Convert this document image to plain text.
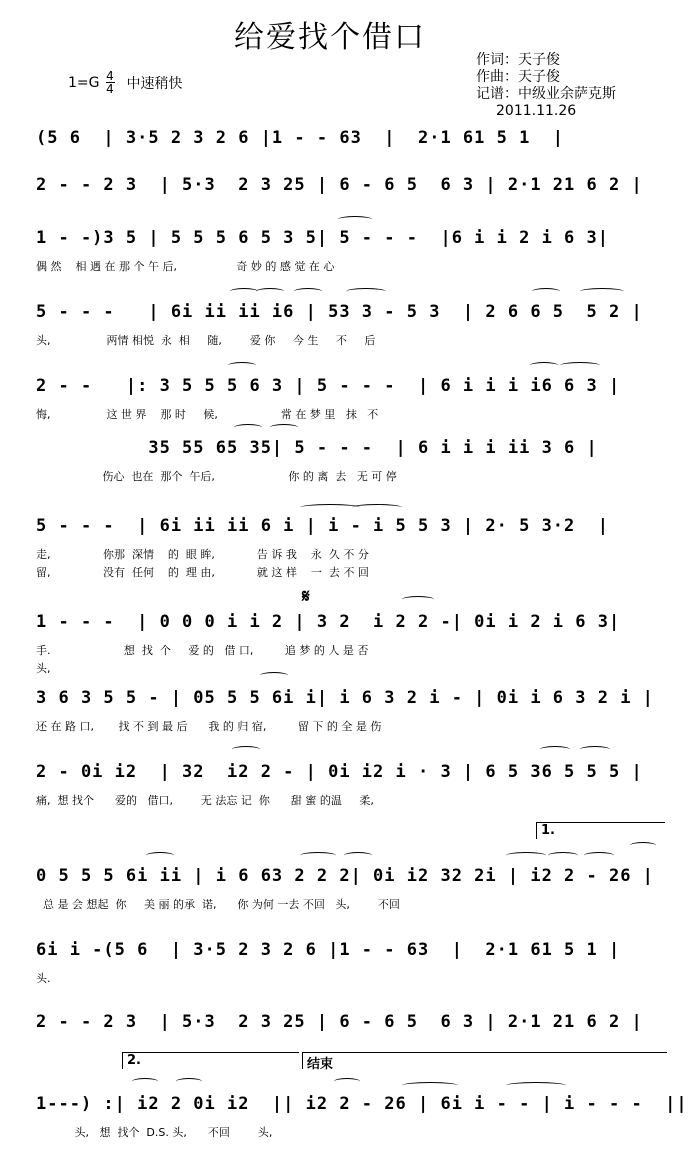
给爱找个借口
作词：天子俊
作曲：天子俊
记谱：中级业余萨克斯
2011.11.26
$1=G \frac{4}{4}$ 中速稍快
(5 6  | 3·5 2 3 2 6 |1 - - 63  |  2·1 61 5 1  |
2 - - 2 3  | 5·3  2 3 25 | 6 - 6 5  6 3 | 2·1 21 6 2 |
1 - -)3 5 | 5 5 5 6 5 3 5| 5 - - -  |6 i i 2 i 6 3|
偶 然    相 遇 在 那 个 午 后,                 奇 妙 的 感 觉 在 心
5 - - -   | 6i ii ii i6 | 53 3 - 5 3  | 2 6 6 5  5 2 |
头,                两情 相悦  永  相     随,        爱 你     今 生     不     后
2 - -   |: 3 5 5 5 6 3 | 5 - - -  | 6 i i i i6 6 3 |
悔,                这 世 界    那 时     候,                  常 在 梦 里   抹   不
35 55 65 35| 5 - - -  | 6 i i i ii 3 6 |
伤心  也在  那个  午后,                     你 的 离  去   无 可 停
5 - - -  | 6i ii ii 6 i | i - i 5 5 3 | 2· 5 3·2  |
走,               你那  深情    的  眼 眸,            告 诉 我    永  久 不 分
留,               没有  任何    的  理 由,            就 这 样    一  去 不 回
1 - - -  | 0 0 0 i i 2 | 3 2  i 2 2 -| 0i i 2 i 6 3|
手.                     想  找  个     爱 的   借 口,         追 梦 的 人 是 否
头,
3 6 3 5 5 - | 05 5 5 6i i| i 6 3 2 i - | 0i i 6 3 2 i |
还 在 路 口,       找 不 到 最 后      我 的 归 宿,         留 下 的 全 是 伤
2 - 0i i2  | 32  i2 2 - | 0i i2 i · 3 | 6 5 36 5 5 5 |
痛,  想 找个      爱的   借口,        无 法忘 记  你      甜 蜜 的温     柔,
0 5 5 5 6i ii | i 6 63 2 2 2| 0i i2 32 2i | i2 2 - 26 |
总 是 会 想起  你     美 丽 的承  诺,      你 为何 一去 不回   头,        不回
6i i -(5 6  | 3·5 2 3 2 6 |1 - - 63  |  2·1 61 5 1 |
头.
2 - - 2 3  | 5·3  2 3 25 | 6 - 6 5  6 3 | 2·1 21 6 2 |
1---) :| i2 2 0i i2  || i2 2 - 26 | 6i i - - | i - - -  ||
头,   想  找个  D.S. 头,      不回        头,
1.
2.	结束
𝄋
